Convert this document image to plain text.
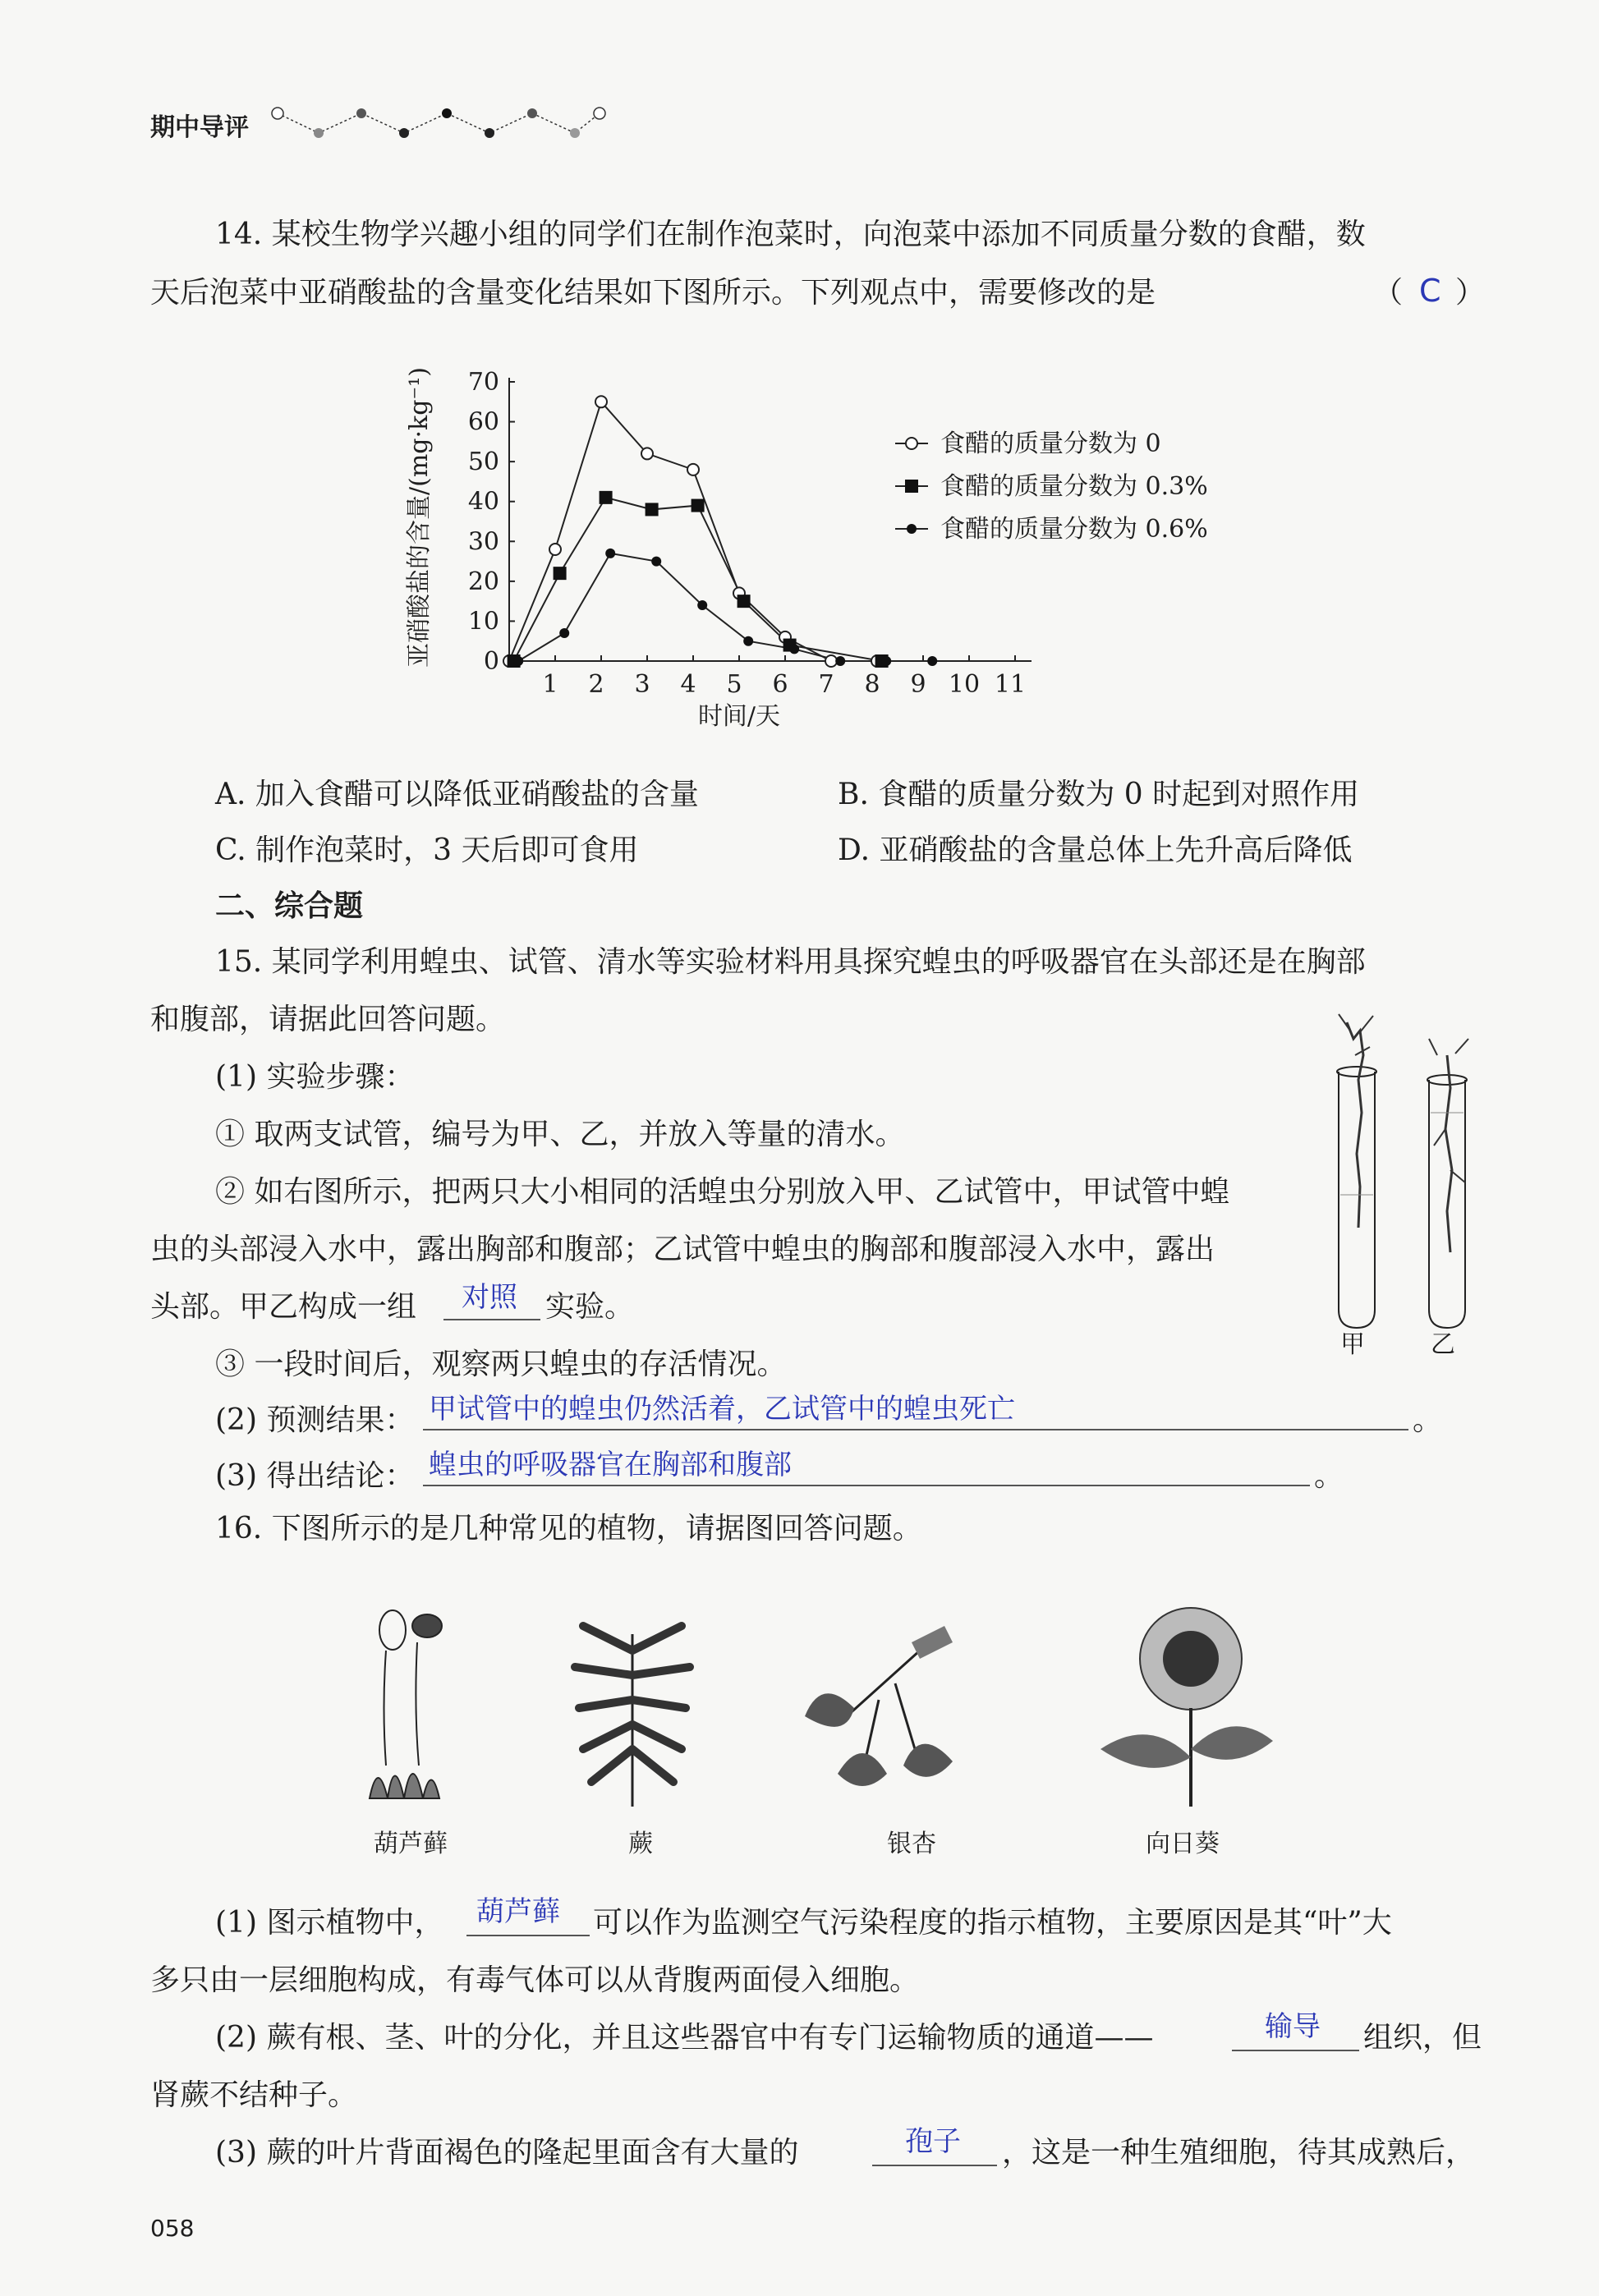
期中导评
14. 某校生物学兴趣小组的同学们在制作泡菜时，向泡菜中添加不同质量分数的食醋，数
天后泡菜中亚硝酸盐的含量变化结果如下图所示。下列观点中，需要修改的是	（ C ）
亚硝酸盐的含量/(mg·kg⁻¹)
1 2 3 4 5 6 7 8 9 10 11
0
10
20
30
40
50
60
70
时间/天
食醋的质量分数为 0
食醋的质量分数为 0.3%
食醋的质量分数为 0.6%
A. 加入食醋可以降低亚硝酸盐的含量	B. 食醋的质量分数为 0 时起到对照作用
C. 制作泡菜时，3 天后即可食用	D. 亚硝酸盐的含量总体上先升高后降低
二、综合题
15. 某同学利用蝗虫、试管、清水等实验材料用具探究蝗虫的呼吸器官在头部还是在胸部
和腹部，请据此回答问题。
(1) 实验步骤：
① 取两支试管，编号为甲、乙，并放入等量的清水。
② 如右图所示，把两只大小相同的活蝗虫分别放入甲、乙试管中，甲试管中蝗
虫的头部浸入水中，露出胸部和腹部；乙试管中蝗虫的胸部和腹部浸入水中，露出
头部。甲乙构成一组 对照 实验。
③ 一段时间后，观察两只蝗虫的存活情况。
(2) 预测结果： 甲试管中的蝗虫仍然活着，乙试管中的蝗虫死亡	。
(3) 得出结论： 蝗虫的呼吸器官在胸部和腹部	。
甲	乙
16. 下图所示的是几种常见的植物，请据图回答问题。
葫芦藓	蕨	银杏	向日葵
(1) 图示植物中， 葫芦藓 可以作为监测空气污染程度的指示植物，主要原因是其“叶”大
多只由一层细胞构成，有毒气体可以从背腹两面侵入细胞。
(2) 蕨有根、茎、叶的分化，并且这些器官中有专门运输物质的通道——	输导 组织，但
肾蕨不结种子。
(3) 蕨的叶片背面褐色的隆起里面含有大量的	孢子 ，这是一种生殖细胞，待其成熟后，
058
